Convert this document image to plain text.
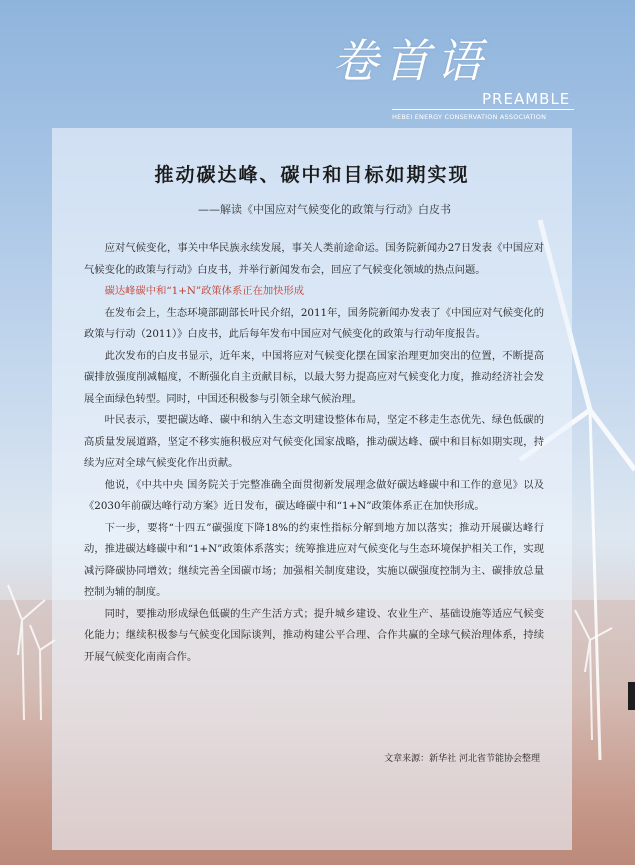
卷首语
PREAMBLE
HEBEI ENERGY CONSERVATION ASSOCIATION
推动碳达峰、碳中和目标如期实现
——解读《中国应对气候变化的政策与行动》白皮书

应对气候变化，事关中华民族永续发展，事关人类前途命运。国务院新闻办27日发表《中国应对气候变化的政策与行动》白皮书，并举行新闻发布会，回应了气候变化领域的热点问题。

碳达峰碳中和“1+N”政策体系正在加快形成

在发布会上，生态环境部副部长叶民介绍，2011年，国务院新闻办发表了《中国应对气候变化的政策与行动（2011）》白皮书，此后每年发布中国应对气候变化的政策与行动年度报告。

此次发布的白皮书显示，近年来，中国将应对气候变化摆在国家治理更加突出的位置，不断提高碳排放强度削减幅度，不断强化自主贡献目标，以最大努力提高应对气候变化力度，推动经济社会发展全面绿色转型。同时，中国还积极参与引领全球气候治理。

叶民表示，要把碳达峰、碳中和纳入生态文明建设整体布局，坚定不移走生态优先、绿色低碳的高质量发展道路，坚定不移实施积极应对气候变化国家战略，推动碳达峰、碳中和目标如期实现，持续为应对全球气候变化作出贡献。

他说，《中共中央 国务院关于完整准确全面贯彻新发展理念做好碳达峰碳中和工作的意见》以及《2030年前碳达峰行动方案》近日发布，碳达峰碳中和“1+N”政策体系正在加快形成。

下一步，要将“十四五”碳强度下降18%的约束性指标分解到地方加以落实；推动开展碳达峰行动，推进碳达峰碳中和“1+N”政策体系落实；统筹推进应对气候变化与生态环境保护相关工作，实现减污降碳协同增效；继续完善全国碳市场；加强相关制度建设，实施以碳强度控制为主、碳排放总量控制为辅的制度。

同时，要推动形成绿色低碳的生产生活方式；提升城乡建设、农业生产、基础设施等适应气候变化能力；继续积极参与气候变化国际谈判，推动构建公平合理、合作共赢的全球气候治理体系，持续开展气候变化南南合作。

文章来源：新华社 河北省节能协会整理
